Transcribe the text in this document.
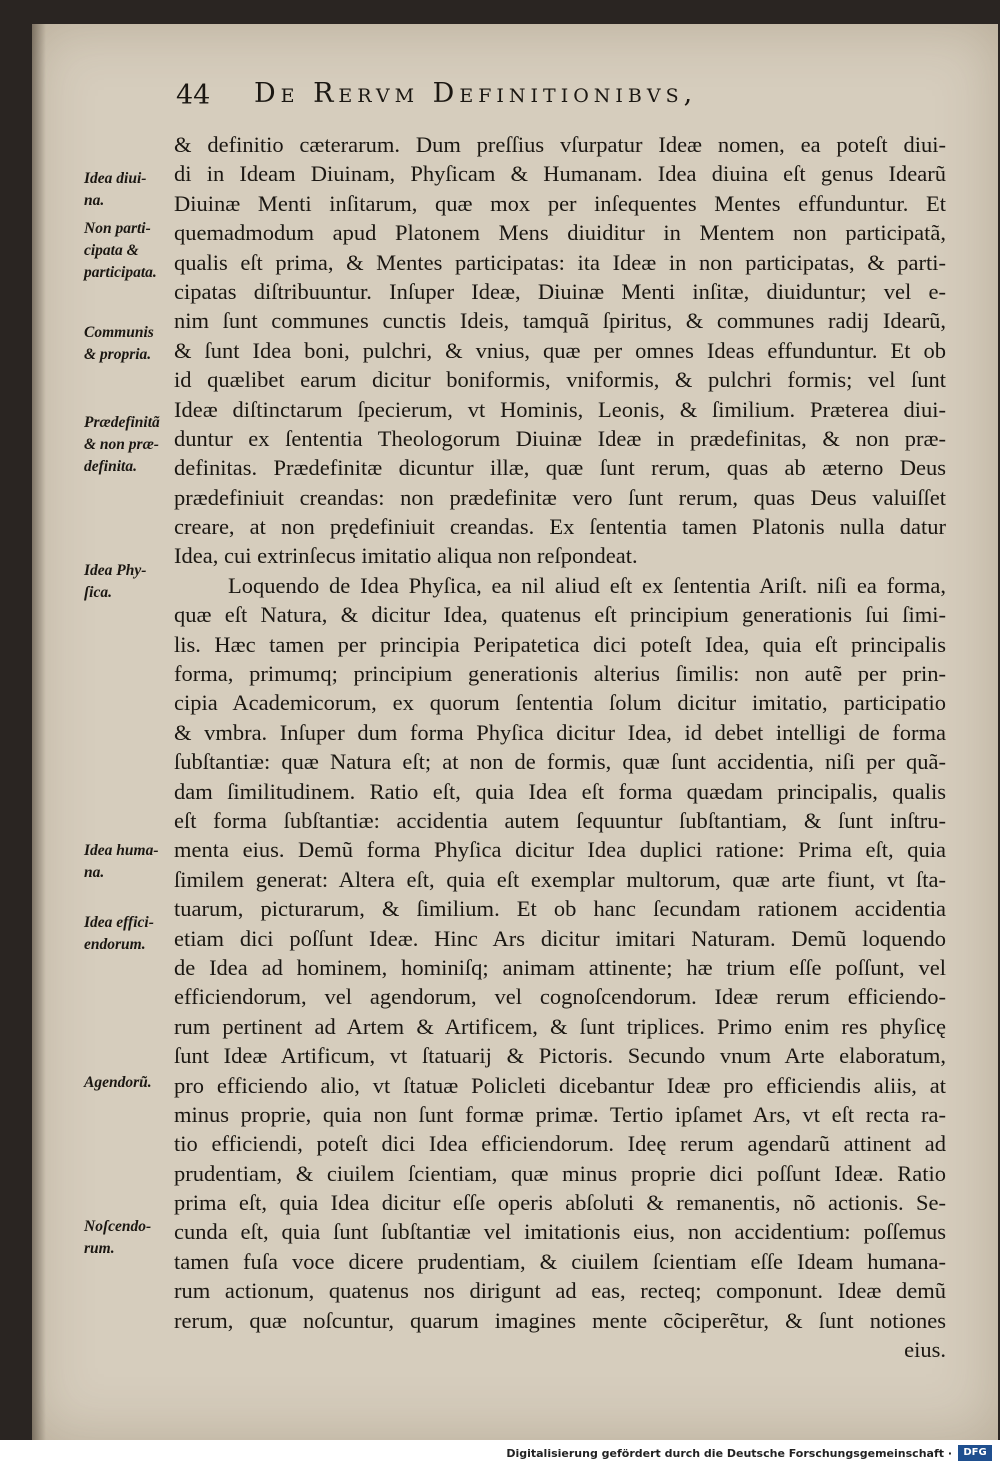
44 De Rervm Definitionibvs,
& definitio cæterarum. Dum preſſius vſurpatur Ideæ nomen, ea poteſt diui-
di in Ideam Diuinam, Phyſicam & Humanam. Idea diuina eſt genus Idearũ
Diuinæ Menti inſitarum, quæ mox per inſequentes Mentes effunduntur. Et
quemadmodum apud Platonem Mens diuiditur in Mentem non participatã,
qualis eſt prima, & Mentes participatas: ita Ideæ in non participatas, & parti-
cipatas diſtribuuntur. Inſuper Ideæ, Diuinæ Menti inſitæ, diuiduntur; vel e-
nim ſunt communes cunctis Ideis, tamquã ſpiritus, & communes radij Idearũ,
& ſunt Idea boni, pulchri, & vnius, quæ per omnes Ideas effunduntur. Et ob
id quælibet earum dicitur boniformis, vniformis, & pulchri formis; vel ſunt
Ideæ diſtinctarum ſpecierum, vt Hominis, Leonis, & ſimilium. Præterea diui-
duntur ex ſententia Theologorum Diuinæ Ideæ in prædefinitas, & non præ-
definitas. Prædefinitæ dicuntur illæ, quæ ſunt rerum, quas ab æterno Deus
prædefiniuit creandas: non prædefinitæ vero ſunt rerum, quas Deus valuiſſet
creare, at non prędefiniuit creandas. Ex ſententia tamen Platonis nulla datur
Idea, cui extrinſecus imitatio aliqua non reſpondeat.
Loquendo de Idea Phyſica, ea nil aliud eſt ex ſententia Ariſt. niſi ea forma,
quæ eſt Natura, & dicitur Idea, quatenus eſt principium generationis ſui ſimi-
lis. Hæc tamen per principia Peripatetica dici poteſt Idea, quia eſt principalis
forma, primumq; principium generationis alterius ſimilis: non autẽ per prin-
cipia Academicorum, ex quorum ſententia ſolum dicitur imitatio, participatio
& vmbra. Inſuper dum forma Phyſica dicitur Idea, id debet intelligi de forma
ſubſtantiæ: quæ Natura eſt; at non de formis, quæ ſunt accidentia, niſi per quã-
dam ſimilitudinem. Ratio eſt, quia Idea eſt forma quædam principalis, qualis
eſt forma ſubſtantiæ: accidentia autem ſequuntur ſubſtantiam, & ſunt inſtru-
menta eius. Demũ forma Phyſica dicitur Idea duplici ratione: Prima eſt, quia
ſimilem generat: Altera eſt, quia eſt exemplar multorum, quæ arte fiunt, vt ſta-
tuarum, picturarum, & ſimilium. Et ob hanc ſecundam rationem accidentia
etiam dici poſſunt Ideæ. Hinc Ars dicitur imitari Naturam. Demũ loquendo
de Idea ad hominem, hominiſq; animam attinente; hæ trium eſſe poſſunt, vel
efficiendorum, vel agendorum, vel cognoſcendorum. Ideæ rerum efficiendo-
rum pertinent ad Artem & Artificem, & ſunt triplices. Primo enim res phyſicę
ſunt Ideæ Artificum, vt ſtatuarij & Pictoris. Secundo vnum Arte elaboratum,
pro efficiendo alio, vt ſtatuæ Policleti dicebantur Ideæ pro efficiendis aliis, at
minus proprie, quia non ſunt formæ primæ. Tertio ipſamet Ars, vt eſt recta ra-
tio efficiendi, poteſt dici Idea efficiendorum. Ideę rerum agendarũ attinent ad
prudentiam, & ciuilem ſcientiam, quæ minus proprie dici poſſunt Ideæ. Ratio
prima eſt, quia Idea dicitur eſſe operis abſoluti & remanentis, nõ actionis. Se-
cunda eſt, quia ſunt ſubſtantiæ vel imitationis eius, non accidentium: poſſemus
tamen fuſa voce dicere prudentiam, & ciuilem ſcientiam eſſe Ideam humana-
rum actionum, quatenus nos dirigunt ad eas, recteq; componunt. Ideæ demũ
rerum, quæ noſcuntur, quarum imagines mente cõciperẽtur, & ſunt notiones
eius.
Idea diui-
na.
Non parti-
cipata &
participata.
Communis
& propria.
Prædefinitã
& non præ-
definita.
Idea Phy-
ſica.
Idea huma-
na.
Idea effici-
endorum.
Agendorũ.
Noſcendo-
rum.
Digitalisierung gefördert durch die Deutsche Forschungsgemeinschaft ·	DFG
